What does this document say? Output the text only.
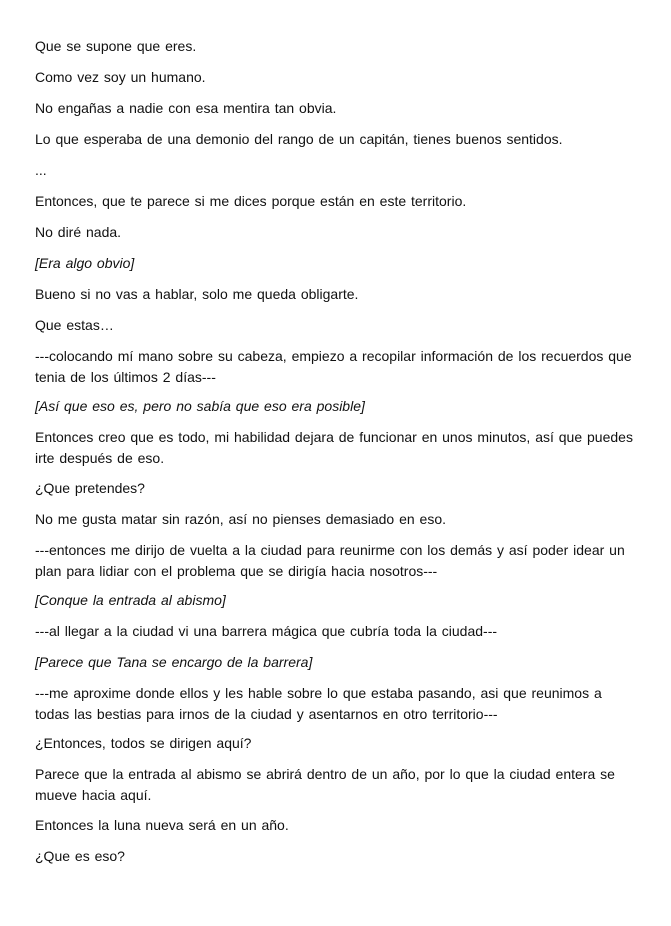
Que se supone que eres.

Como vez soy un humano.

No engañas a nadie con esa mentira tan obvia.

Lo que esperaba de una demonio del rango de un capitán, tienes buenos sentidos.

...

Entonces, que te parece si me dices porque están en este territorio.

No diré nada.

[Era algo obvio]

Bueno si no vas a hablar, solo me queda obligarte.

Que estas…

---colocando mí mano sobre su cabeza, empiezo a recopilar información de los recuerdos que tenia de los últimos 2 días---

[Así que eso es, pero no sabía que eso era posible]

Entonces creo que es todo, mi habilidad dejara de funcionar en unos minutos, así que puedes irte después de eso.

¿Que pretendes?

No me gusta matar sin razón, así no pienses demasiado en eso.

---entonces me dirijo de vuelta a la ciudad para reunirme con los demás y así poder idear un plan para lidiar con el problema que se dirigía hacia nosotros---

[Conque la entrada al abismo]

---al llegar a la ciudad vi una barrera mágica que cubría toda la ciudad---

[Parece que Tana se encargo de la barrera]

---me aproxime donde ellos y les hable sobre lo que estaba pasando, asi que reunimos a todas las bestias para irnos de la ciudad y asentarnos en otro territorio---

¿Entonces, todos se dirigen aquí?

Parece que la entrada al abismo se abrirá dentro de un año, por lo que la ciudad entera se mueve hacia aquí.

Entonces la luna nueva será en un año.

¿Que es eso?
